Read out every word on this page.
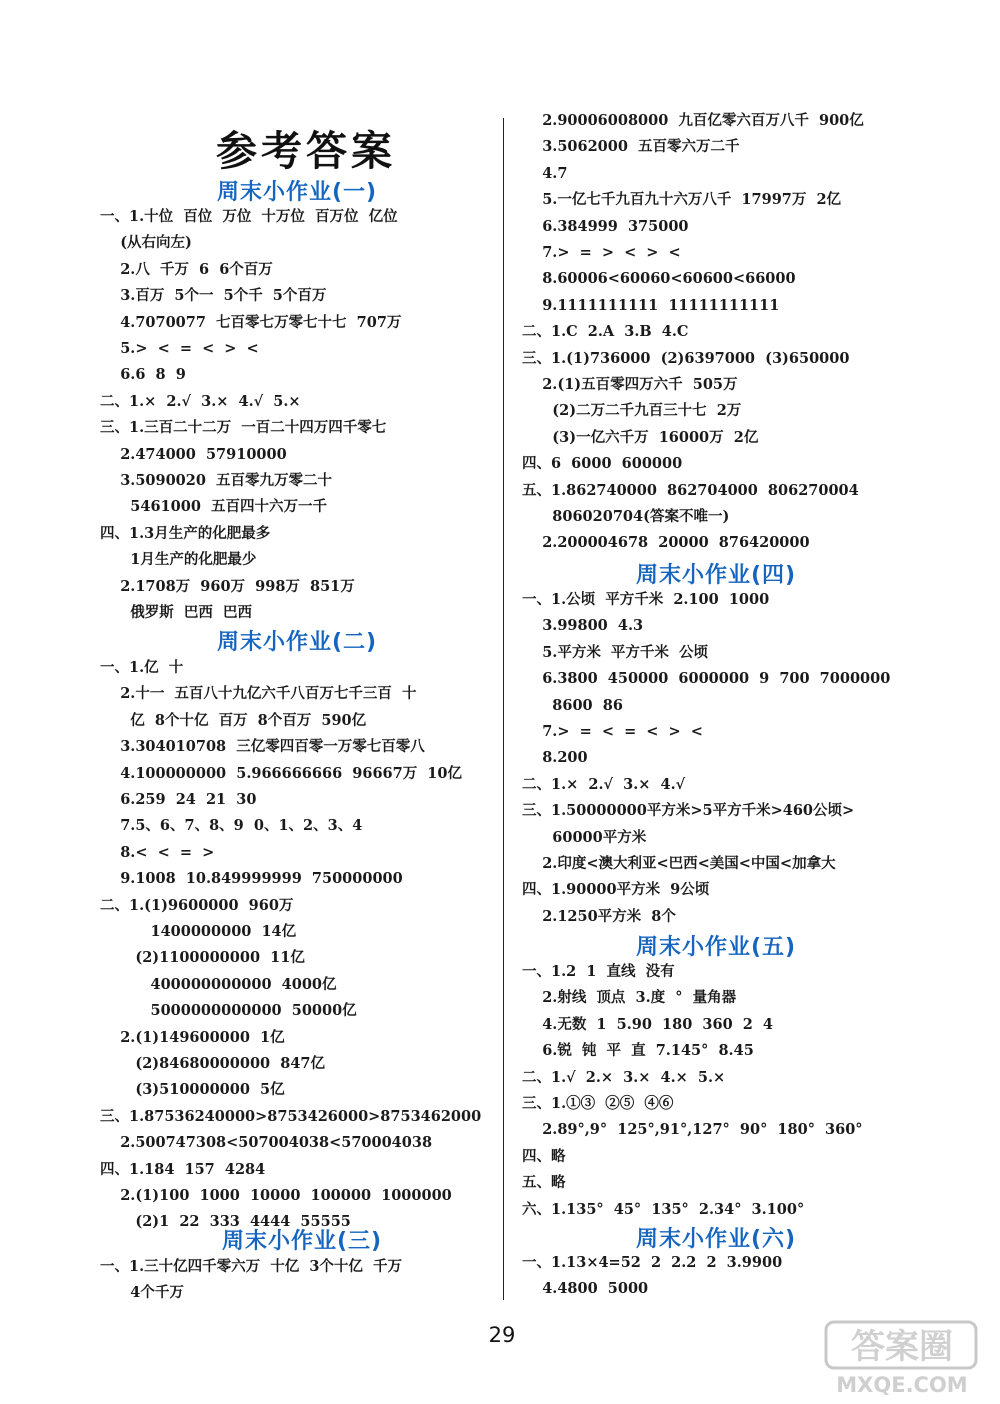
参考答案
周末小作业(一)
一、1.十位  百位  万位  十万位  百万位  亿位
(从右向左)
2.八  千万  6  6个百万
3.百万  5个一  5个千  5个百万
4.7070077  七百零七万零七十七  707万
5.>  <  =  <  >  <
6.6  8  9
二、1.×  2.√  3.×  4.√  5.×
三、1.三百二十二万  一百二十四万四千零七
2.474000  57910000
3.5090020  五百零九万零二十
5461000  五百四十六万一千
四、1.3月生产的化肥最多
1月生产的化肥最少
2.1708万  960万  998万  851万
俄罗斯  巴西  巴西
周末小作业(二)
一、1.亿  十
2.十一  五百八十九亿六千八百万七千三百  十
亿  8个十亿  百万  8个百万  590亿
3.304010708  三亿零四百零一万零七百零八
4.100000000  5.966666666  96667万  10亿
6.259  24  21  30
7.5、6、7、8、9  0、1、2、3、4
8.<  <  =  >
9.1008  10.849999999  750000000
二、1.(1)9600000  960万
1400000000  14亿
(2)1100000000  11亿
400000000000  4000亿
5000000000000  50000亿
2.(1)149600000  1亿
(2)84680000000  847亿
(3)510000000  5亿
三、1.87536240000>8753426000>8753462000
2.500747308<507004038<570004038
四、1.184  157  4284
2.(1)100  1000  10000  100000  1000000
(2)1  22  333  4444  55555
周末小作业(三)
一、1.三十亿四千零六万  十亿  3个十亿  千万
4个千万
2.90006008000  九百亿零六百万八千  900亿
3.5062000  五百零六万二千
4.7
5.一亿七千九百九十六万八千  17997万  2亿
6.384999  375000
7.>  =  >  <  >  <
8.60006<60060<60600<66000
9.1111111111  11111111111
二、1.C  2.A  3.B  4.C
三、1.(1)736000  (2)6397000  (3)650000
2.(1)五百零四万六千  505万
(2)二万二千九百三十七  2万
(3)一亿六千万  16000万  2亿
四、6  6000  600000
五、1.862740000  862704000  806270004
806020704(答案不唯一)
2.200004678  20000  876420000
周末小作业(四)
一、1.公顷  平方千米  2.100  1000
3.99800  4.3
5.平方米  平方千米  公顷
6.3800  450000  6000000  9  700  7000000
8600  86
7.>  =  <  =  <  >  <
8.200
二、1.×  2.√  3.×  4.√
三、1.50000000平方米>5平方千米>460公顷>
60000平方米
2.印度<澳大利亚<巴西<美国<中国<加拿大
四、1.90000平方米  9公顷
2.1250平方米  8个
周末小作业(五)
一、1.2  1  直线  没有
2.射线  顶点  3.度  °  量角器
4.无数  1  5.90  180  360  2  4
6.锐  钝  平  直  7.145°  8.45
二、1.√  2.×  3.×  4.×  5.×
三、1.①③  ②⑤  ④⑥
2.89°,9°  125°,91°,127°  90°  180°  360°
四、略
五、略
六、1.135°  45°  135°  2.34°  3.100°
周末小作业(六)
一、1.13×4=52  2  2.2  2  3.9900
4.4800  5000
29	答案圈
MXQE.COM
